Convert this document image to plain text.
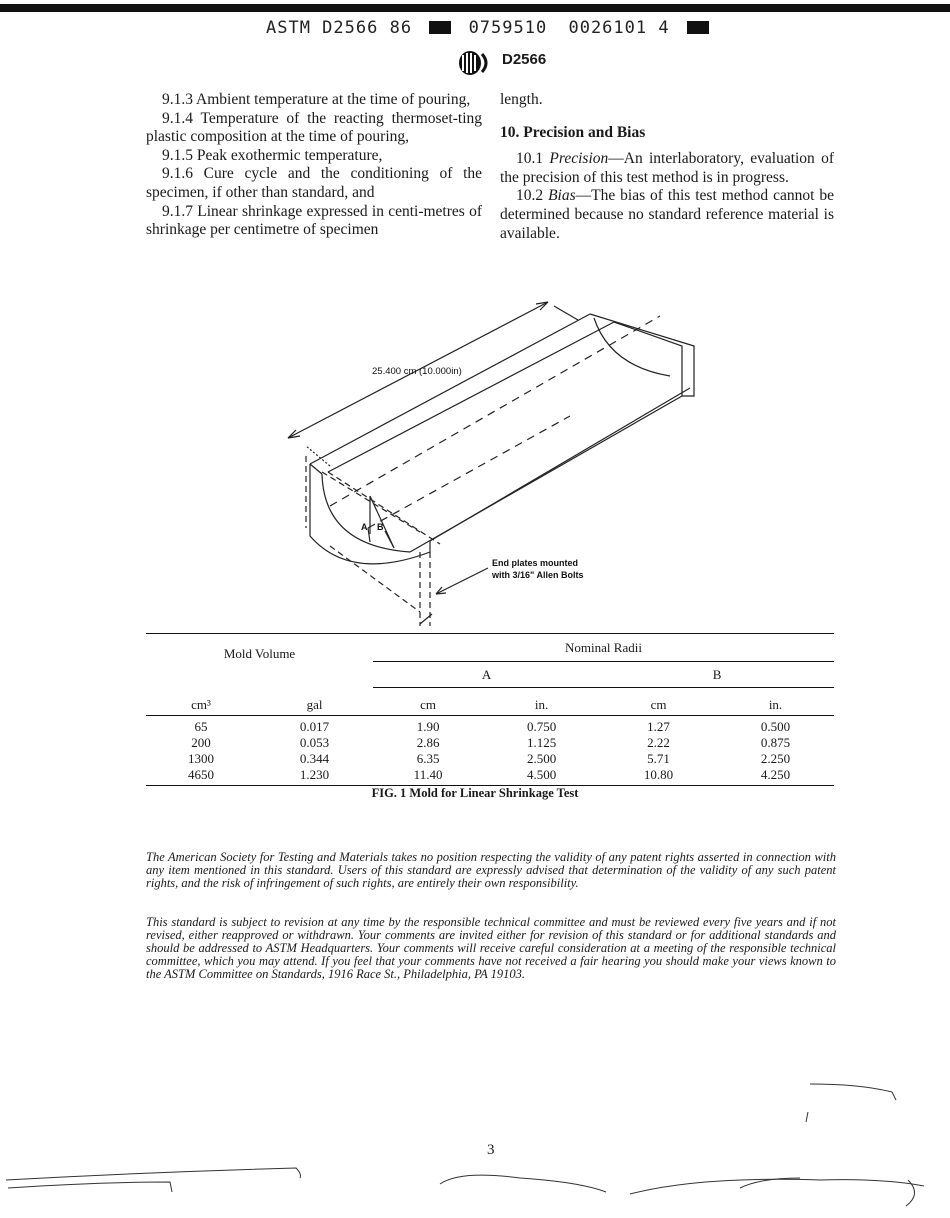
ASTM D2566 86	0759510 0026101 4
D2566

9.1.3 Ambient temperature at the time of pouring,

9.1.4 Temperature of the reacting thermoset-ting plastic composition at the time of pouring,

9.1.5 Peak exothermic temperature,

9.1.6 Cure cycle and the conditioning of the specimen, if other than standard, and

9.1.7 Linear shrinkage expressed in centi-metres of shrinkage per centimetre of specimen

length.

10. Precision and Bias

10.1 Precision—An interlaboratory, evaluation of the precision of this test method is in progress.

10.2 Bias—The bias of this test method cannot be determined because no standard reference material is available.

25.400 cm (10.000in)
A B
End plates mounted
with 3/16" Allen Bolts
Mold Volume		Nominal Radii			
		A		B	
cm³	gal	cm	in.	cm	in.
65	0.017	1.90	0.750	1.27	0.500
200	0.053	2.86	1.125	2.22	0.875
1300	0.344	6.35	2.500	5.71	2.250
4650	1.230	11.40	4.500	10.80	4.250
FIG. 1 Mold for Linear Shrinkage Test

The American Society for Testing and Materials takes no position respecting the validity of any patent rights asserted in connection with any item mentioned in this standard. Users of this standard are expressly advised that determination of the validity of any such patent rights, and the risk of infringement of such rights, are entirely their own responsibility.

This standard is subject to revision at any time by the responsible technical committee and must be reviewed every five years and if not revised, either reapproved or withdrawn. Your comments are invited either for revision of this standard or for additional standards and should be addressed to ASTM Headquarters. Your comments will receive careful consideration at a meeting of the responsible technical committee, which you may attend. If you feel that your comments have not received a fair hearing you should make your views known to the ASTM Committee on Standards, 1916 Race St., Philadelphia, PA 19103.

3
